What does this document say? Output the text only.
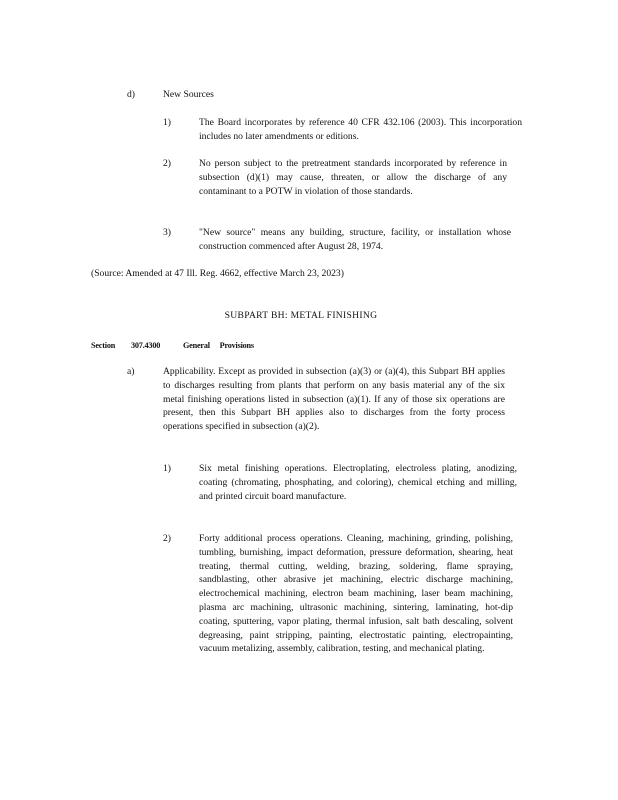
d)	New Sources
1)	The Board incorporates by reference 40 CFR 432.106 (2003). This incorporation includes no later amendments or editions.

2)	No person subject to the pretreatment standards incorporated by reference in subsection (d)(1) may cause, threaten, or allow the discharge of any contaminant to a POTW in violation of those standards.

3)	"New source" means any building, structure, facility, or installation whose construction commenced after August 28, 1974.

(Source: Amended at 47 Ill. Reg. 4662, effective March 23, 2023)

SUBPART BH: METAL FINISHING

Section 307.4300	General Provisions
a)	Applicability. Except as provided in subsection (a)(3) or (a)(4), this Subpart BH applies to discharges resulting from plants that perform on any basis material any of the six metal finishing operations listed in subsection (a)(1). If any of those six operations are present, then this Subpart BH applies also to discharges from the forty process operations specified in subsection (a)(2).

1)	Six metal finishing operations. Electroplating, electroless plating, anodizing, coating (chromating, phosphating, and coloring), chemical etching and milling, and printed circuit board manufacture.

2)	Forty additional process operations. Cleaning, machining, grinding, polishing, tumbling, burnishing, impact deformation, pressure deformation, shearing, heat treating, thermal cutting, welding, brazing, soldering, flame spraying, sandblasting, other abrasive jet machining, electric discharge machining, electrochemical machining, electron beam machining, laser beam machining, plasma arc machining, ultrasonic machining, sintering, laminating, hot-dip coating, sputtering, vapor plating, thermal infusion, salt bath descaling, solvent degreasing, paint stripping, painting, electrostatic painting, electropainting, vacuum metalizing, assembly, calibration, testing, and mechanical plating.
